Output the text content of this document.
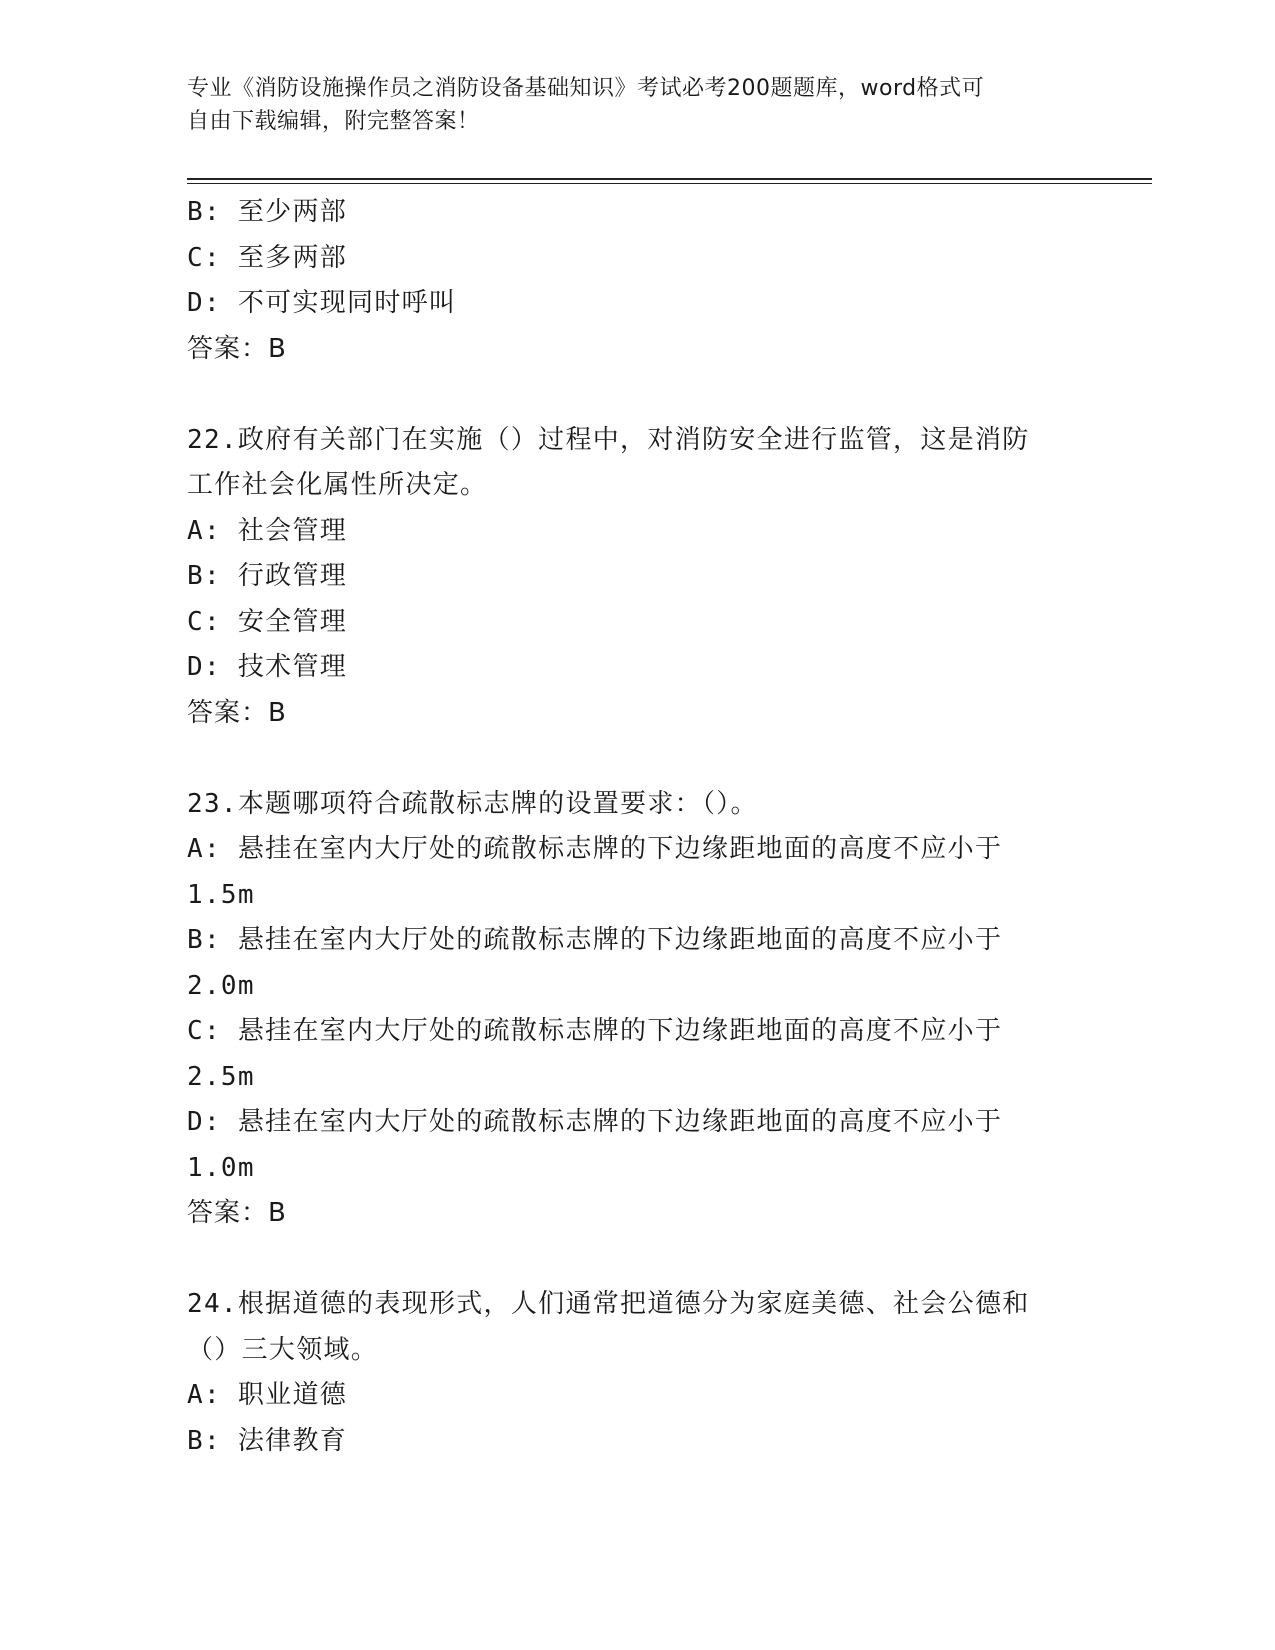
专业《消防设施操作员之消防设备基础知识》考试必考200题题库，word格式可
自由下载编辑，附完整答案！
B: 至少两部
C: 至多两部
D: 不可实现同时呼叫
答案：B
22.政府有关部门在实施（）过程中，对消防安全进行监管，这是消防
工作社会化属性所决定。
A: 社会管理
B: 行政管理
C: 安全管理
D: 技术管理
答案：B
23.本题哪项符合疏散标志牌的设置要求：（）。
A: 悬挂在室内大厅处的疏散标志牌的下边缘距地面的高度不应小于
1.5m
B: 悬挂在室内大厅处的疏散标志牌的下边缘距地面的高度不应小于
2.0m
C: 悬挂在室内大厅处的疏散标志牌的下边缘距地面的高度不应小于
2.5m
D: 悬挂在室内大厅处的疏散标志牌的下边缘距地面的高度不应小于
1.0m
答案：B
24.根据道德的表现形式，人们通常把道德分为家庭美德、社会公德和
（）三大领域。
A: 职业道德
B: 法律教育
